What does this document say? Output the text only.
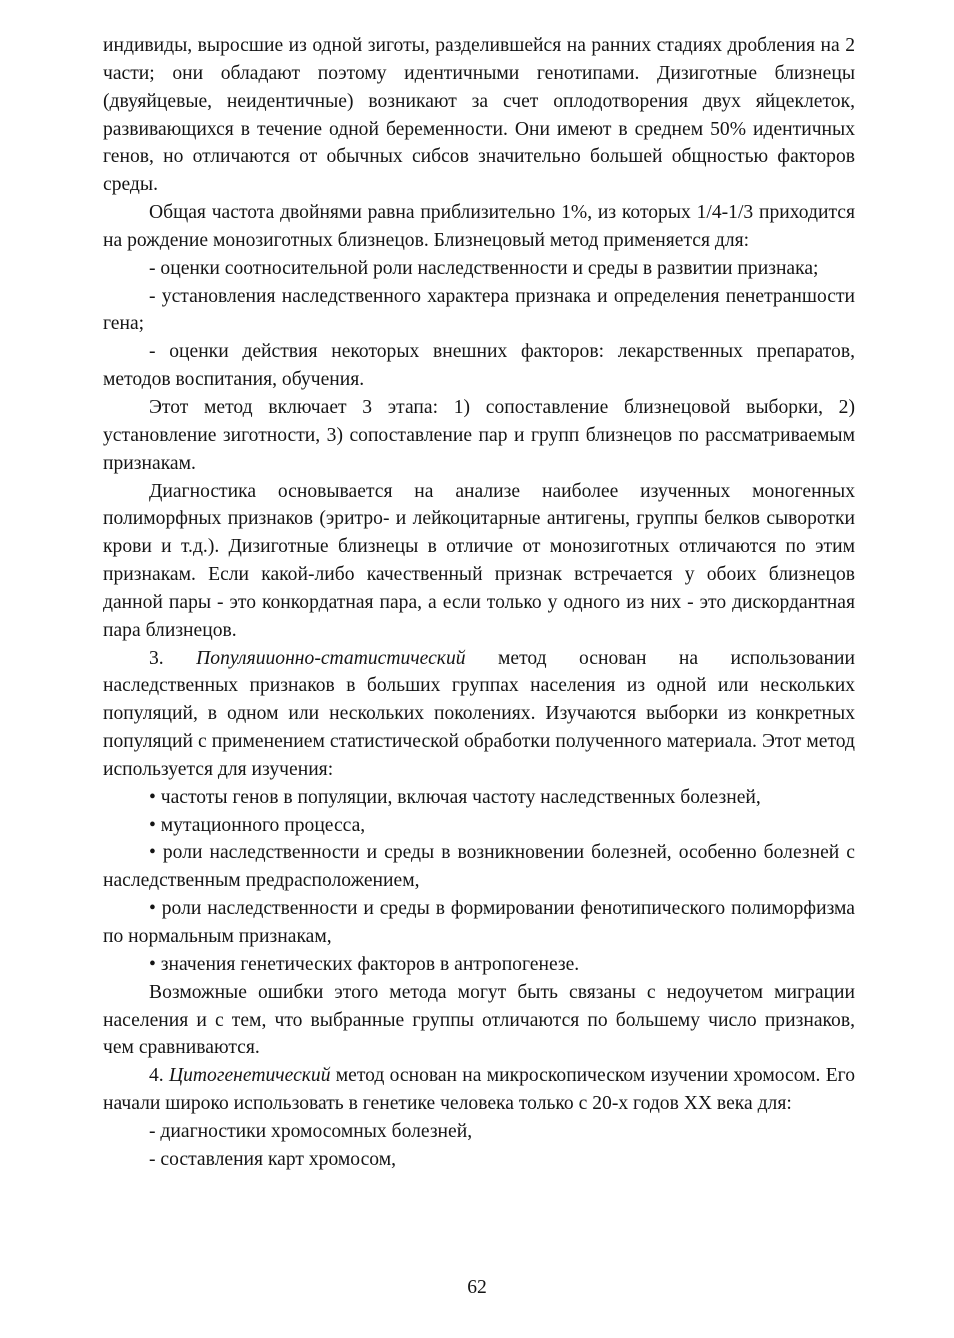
индивиды, выросшие из одной зиготы, разделившейся на ранних стадиях дробления на 2 части; они обладают поэтому идентичными генотипами. Дизиготные близнецы (двуяйцевые, неидентичные) возникают за счет оплодотворения двух яйцеклеток, развивающихся в течение одной беременности. Они имеют в среднем 50% идентичных генов, но отличаются от обычных сибсов значительно большей общностью факторов среды.

Общая частота двойнями равна приблизительно 1%, из которых 1/4-1/3 приходится на рождение монозиготных близнецов. Близнецовый метод применяется для:

- оценки соотносительной роли наследственности и среды в развитии признака;

- установления наследственного характера признака и определения пенетраншости гена;

- оценки действия некоторых внешних факторов: лекарственных препаратов, методов воспитания, обучения.

Этот метод включает 3 этапа: 1) сопоставление близнецовой выборки, 2) установление зиготности, 3) сопоставление пар и групп близнецов по рассматриваемым признакам.

Диагностика основывается на анализе наиболее изученных моногенных полиморфных признаков (эритро- и лейкоцитарные антигены, группы белков сыворотки крови и т.д.). Дизиготные близнецы в отличие от монозиготных отличаются по этим признакам. Если какой-либо качественный признак встречается у обоих близнецов данной пары - это конкордатная пара, а если только у одного из них - это дискордантная пара близнецов.

3. Популяиионно-статистический метод основан на использовании наследственных признаков в больших группах населения из одной или нескольких популяций, в одном или нескольких поколениях. Изучаются выборки из конкретных популяций с применением статистической обработки полученного материала. Этот метод используется для изучения:

• частоты генов в популяции, включая частоту наследственных болезней,

• мутационного процесса,

• роли наследственности и среды в возникновении болезней, особенно болезней с наследственным предрасположением,

• роли наследственности и среды в формировании фенотипического полиморфизма по нормальным признакам,

• значения генетических факторов в антропогенезе.

Возможные ошибки этого метода могут быть связаны с недоучетом миграции населения и с тем, что выбранные группы отличаются по большему число признаков, чем сравниваются.

4. Цитогенетический метод основан на микроскопическом изучении хромосом. Его начали широко использовать в генетике человека только с 20-х годов XX века для:

- диагностики хромосомных болезней,

- составления карт хромосом,

62
